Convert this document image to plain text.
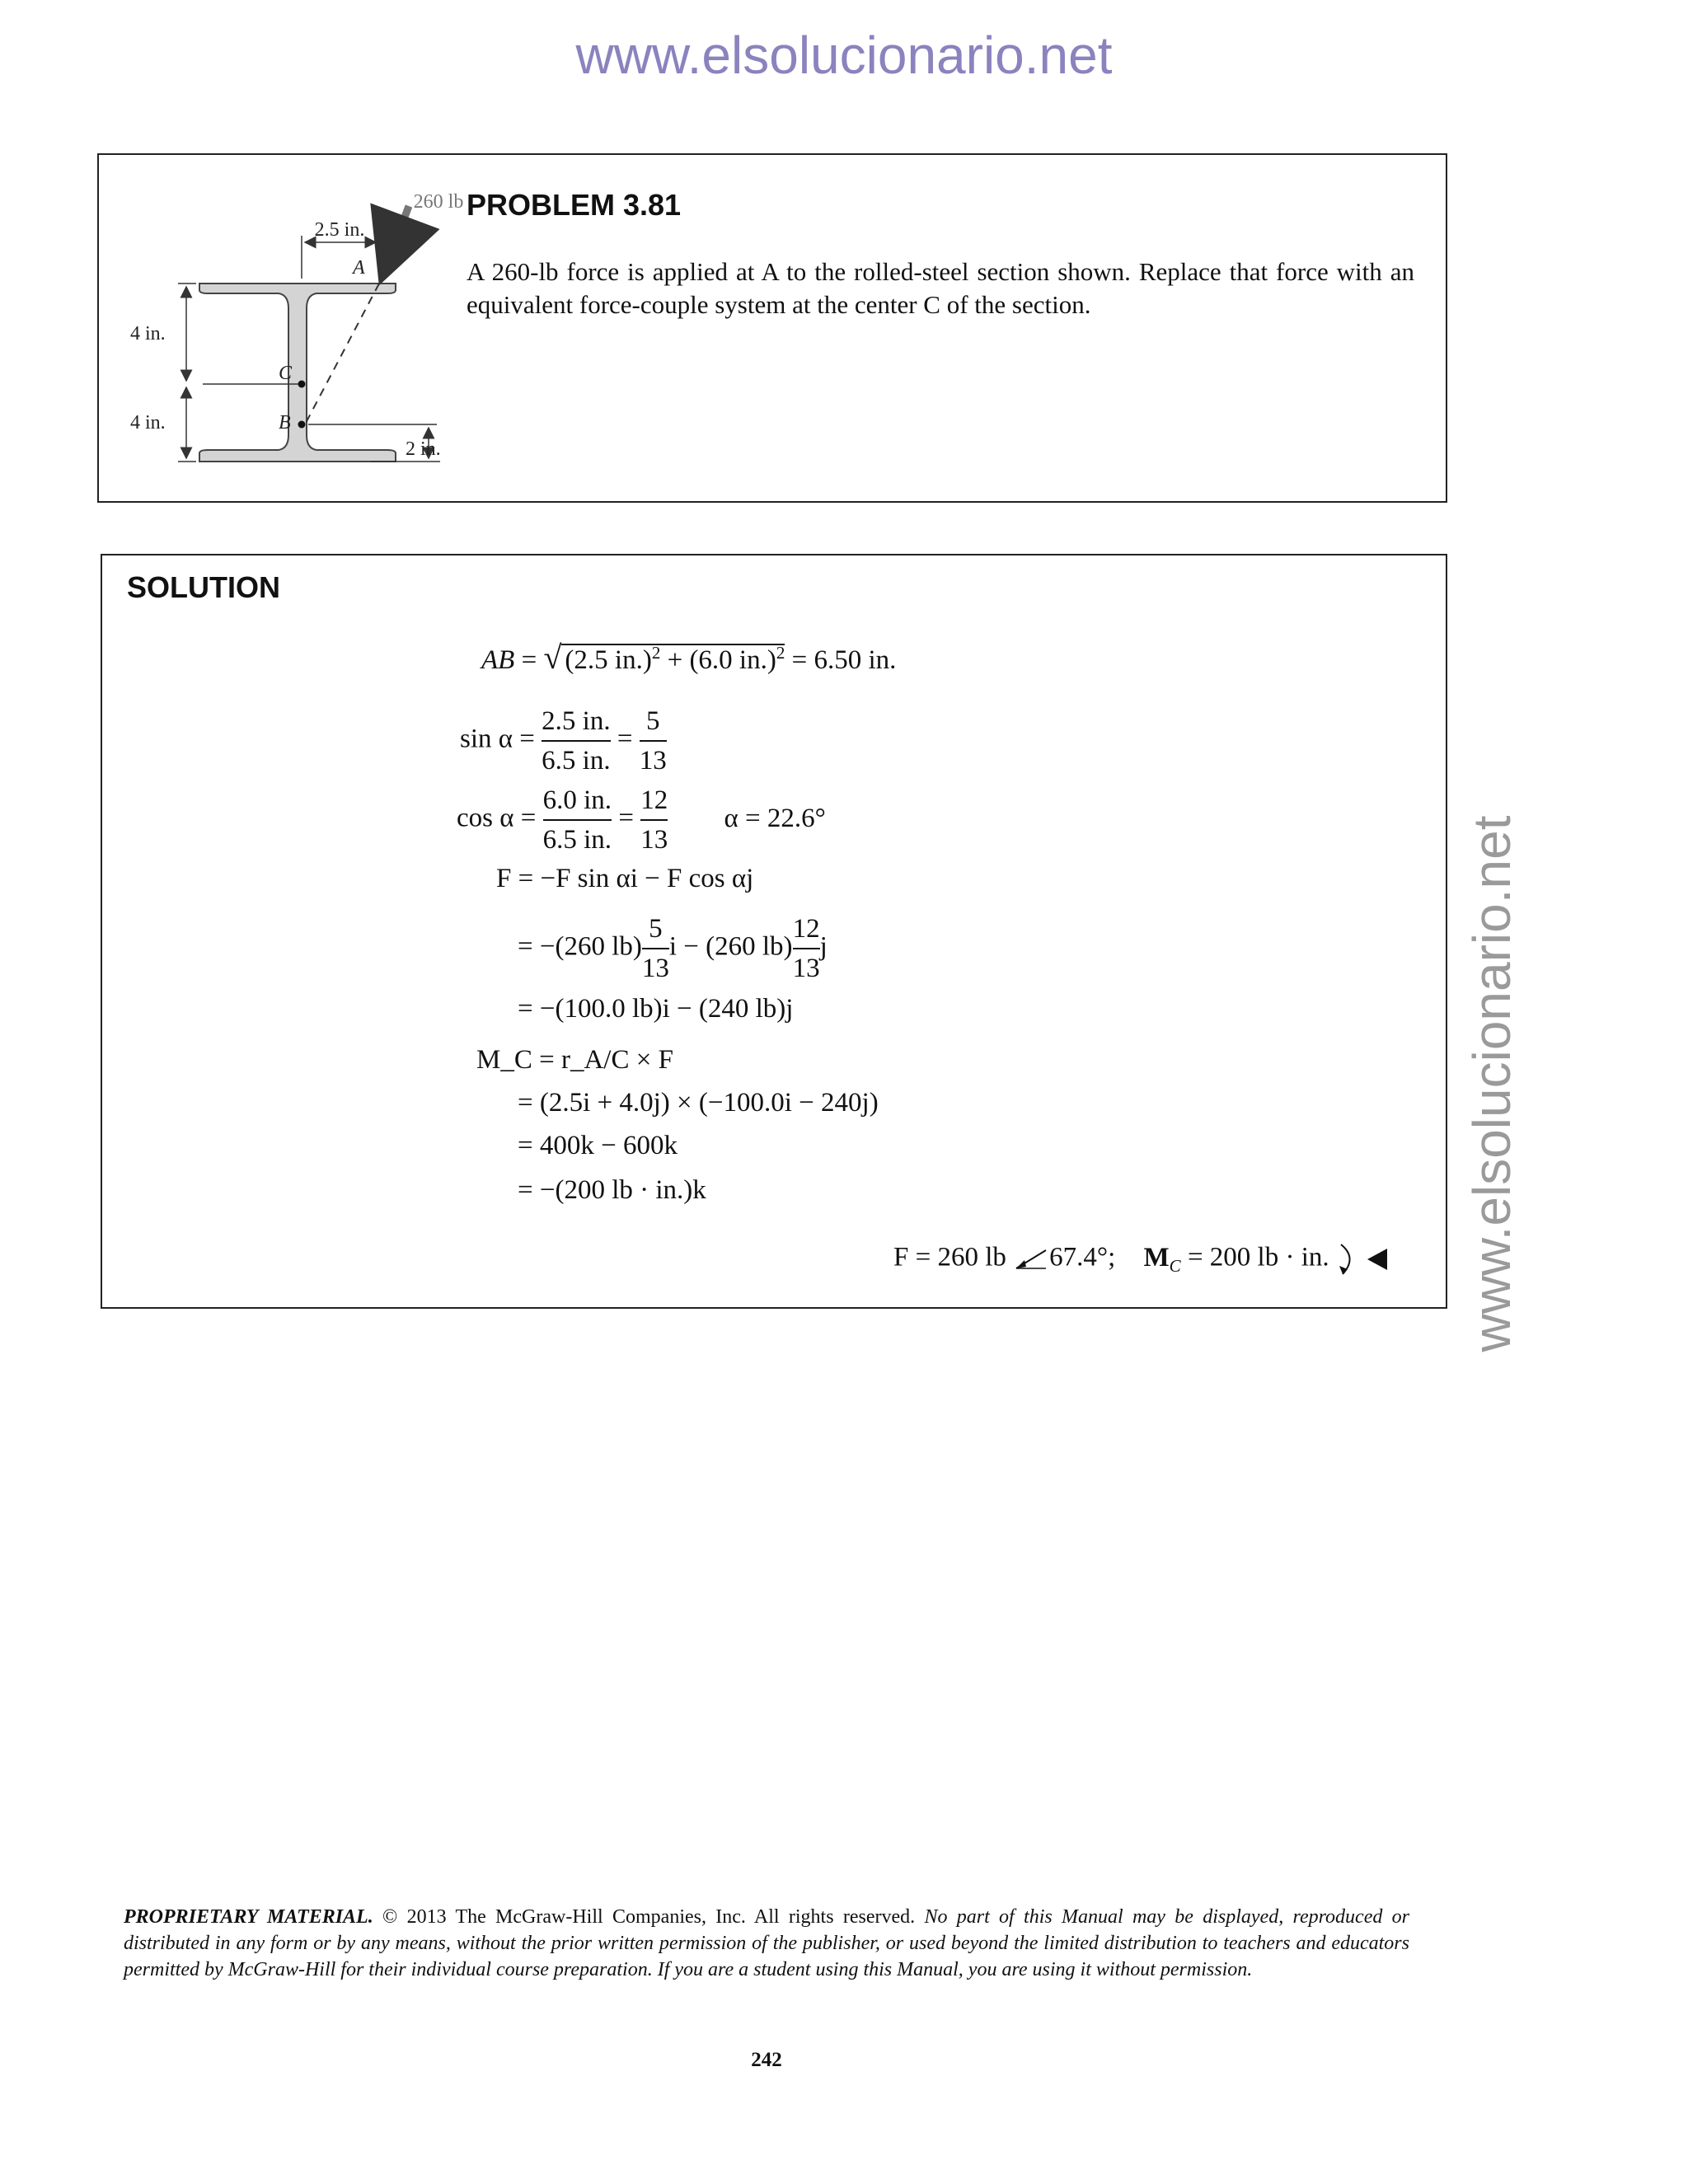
www.elsolucionario.net
www.elsolucionario.net
260 lb
2.5 in.
A
C
B
4 in.
4 in.
2 in.
PROBLEM 3.81
A 260-lb force is applied at A to the rolled-steel section shown. Replace that force with an equivalent force-couple system at the center C of the section.
SOLUTION
AB = √ (2.5 in.)$^2$ + (6.0 in.)$^2$ = 6.50 in.
$\sin \alpha = \frac{2.5 in.}{6.5 in.} = \frac{5}{13}$
$\cos \alpha = \frac{6.0 in.}{6.5 in.} = \frac{12}{13}$ α = 22.6°
F = −F sin αi − F cos αj
= −(260 $lb) \frac{5}{13}$ i − (260 $lb) \frac{12}{13}$ j
= −(100.0 lb)i − (240 lb)j
M_C = r_A/C × F
= (2.5i + 4.0j) × (−100.0i − 240j)
= 400k − 600k
= −(200 lb · in.)k
F = 260 lb 67.4°; $M_C = 200$ lb · in.
PROPRIETARY MATERIAL. © 2013 The McGraw-Hill Companies, Inc. All rights reserved. No part of this Manual may be displayed, reproduced or distributed in any form or by any means, without the prior written permission of the publisher, or used beyond the limited distribution to teachers and educators permitted by McGraw-Hill for their individual course preparation. If you are a student using this Manual, you are using it without permission.
242
